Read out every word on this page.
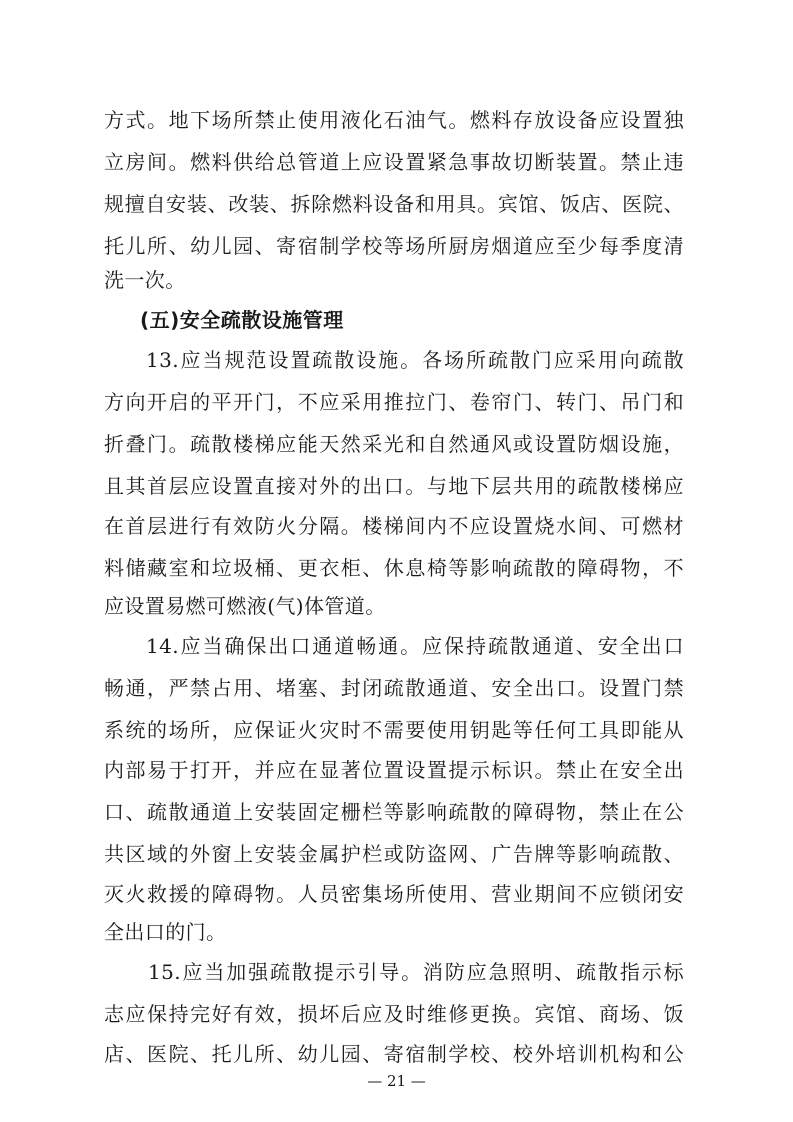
方式。地下场所禁止使用液化石油气。燃料存放设备应设置独
立房间。燃料供给总管道上应设置紧急事故切断装置。禁止违
规擅自安装、改装、拆除燃料设备和用具。宾馆、饭店、医院、
托儿所、幼儿园、寄宿制学校等场所厨房烟道应至少每季度清
洗一次。
(五)安全疏散设施管理
13.应当规范设置疏散设施。各场所疏散门应采用向疏散
方向开启的平开门，不应采用推拉门、卷帘门、转门、吊门和
折叠门。疏散楼梯应能天然采光和自然通风或设置防烟设施，
且其首层应设置直接对外的出口。与地下层共用的疏散楼梯应
在首层进行有效防火分隔。楼梯间内不应设置烧水间、可燃材
料储藏室和垃圾桶、更衣柜、休息椅等影响疏散的障碍物，不
应设置易燃可燃液(气)体管道。
14.应当确保出口通道畅通。应保持疏散通道、安全出口
畅通，严禁占用、堵塞、封闭疏散通道、安全出口。设置门禁
系统的场所，应保证火灾时不需要使用钥匙等任何工具即能从
内部易于打开，并应在显著位置设置提示标识。禁止在安全出
口、疏散通道上安装固定栅栏等影响疏散的障碍物，禁止在公
共区域的外窗上安装金属护栏或防盗网、广告牌等影响疏散、
灭火救援的障碍物。人员密集场所使用、营业期间不应锁闭安
全出口的门。
15.应当加强疏散提示引导。消防应急照明、疏散指示标
志应保持完好有效，损坏后应及时维修更换。宾馆、商场、饭
店、医院、托儿所、幼儿园、寄宿制学校、校外培训机构和公
— 21 —
